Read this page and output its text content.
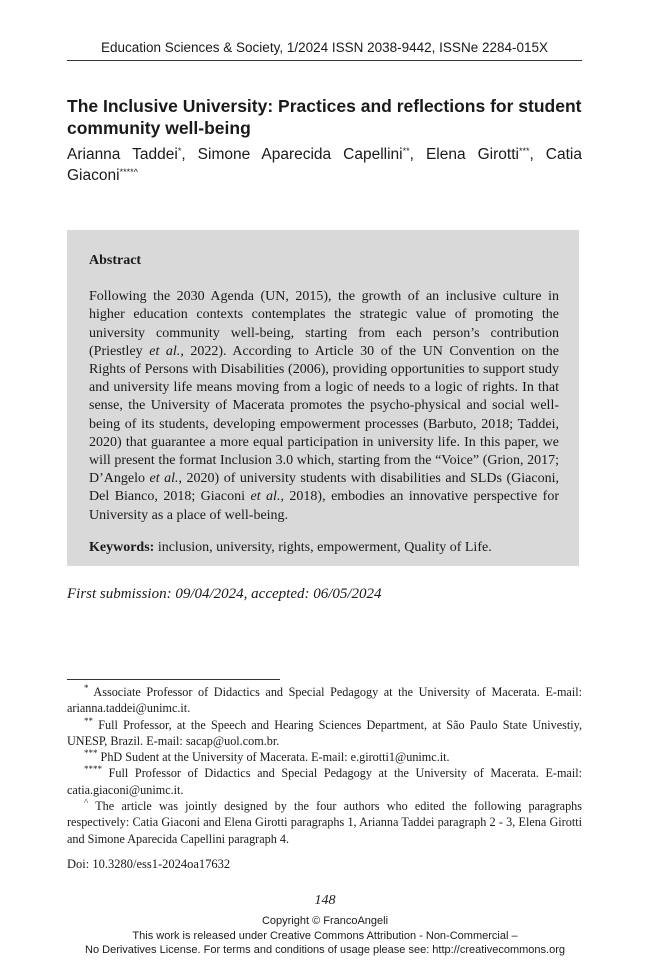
Education Sciences & Society, 1/2024 ISSN 2038-9442, ISSNe 2284-015X
The Inclusive University: Practices and reflections for student community well-being
Arianna Taddei*, Simone Aparecida Capellini**, Elena Girotti***, Catia Giaconi****^

Abstract

Following the 2030 Agenda (UN, 2015), the growth of an inclusive culture in higher education contexts contemplates the strategic value of promoting the university community well-being, starting from each person’s contribution (Priestley et al., 2022). According to Article 30 of the UN Convention on the Rights of Persons with Disabilities (2006), providing opportunities to support study and university life means moving from a logic of needs to a logic of rights. In that sense, the University of Macerata promotes the psycho-physical and social well-being of its students, developing empowerment processes (Barbuto, 2018; Taddei, 2020) that guarantee a more equal participation in university life. In this paper, we will present the format Inclusion 3.0 which, starting from the “Voice” (Grion, 2017; D’Angelo et al., 2020) of university students with disabilities and SLDs (Giaconi, Del Bianco, 2018; Giaconi et al., 2018), embodies an innovative perspective for University as a place of well-being.

Keywords: inclusion, university, rights, empowerment, Quality of Life.

First submission: 09/04/2024, accepted: 06/05/2024

* Associate Professor of Didactics and Special Pedagogy at the University of Macerata. E-mail: arianna.taddei@unimc.it.

** Full Professor, at the Speech and Hearing Sciences Department, at São Paulo State Univestiy, UNESP, Brazil. E-mail: sacap@uol.com.br.

*** PhD Sudent at the University of Macerata. E-mail: e.girotti1@unimc.it.

**** Full Professor of Didactics and Special Pedagogy at the University of Macerata. E-mail: catia.giaconi@unimc.it.

^ The article was jointly designed by the four authors who edited the following paragraphs respectively: Catia Giaconi and Elena Girotti paragraphs 1, Arianna Taddei paragraph 2 - 3, Elena Girotti and Simone Aparecida Capellini paragraph 4.

Doi: 10.3280/ess1-2024oa17632
148
Copyright © FrancoAngeli
This work is released under Creative Commons Attribution - Non-Commercial –
No Derivatives License. For terms and conditions of usage please see: http://creativecommons.org
